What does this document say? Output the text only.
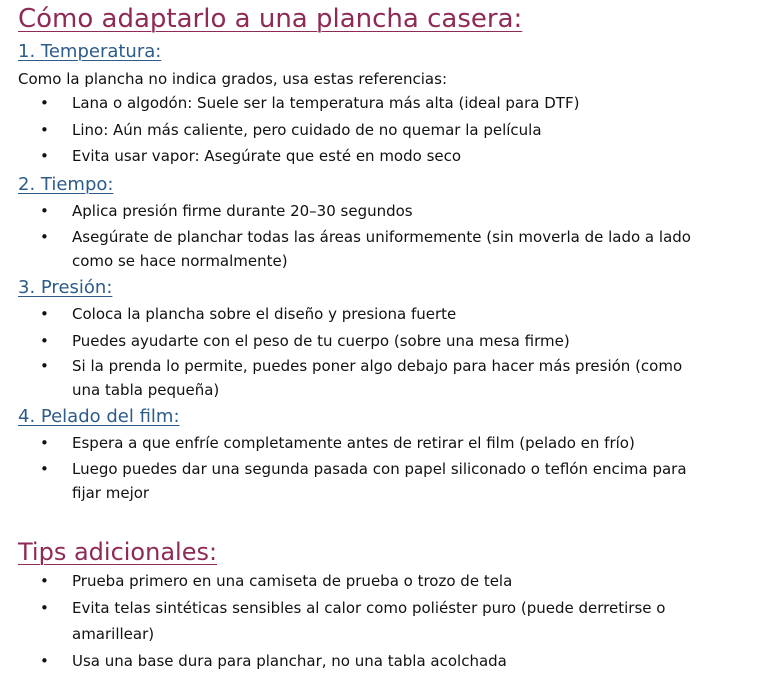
Cómo adaptarlo a una plancha casera:
1. Temperatura:
Como la plancha no indica grados, usa estas referencias:
• Lana o algodón: Suele ser la temperatura más alta (ideal para DTF)
• Lino: Aún más caliente, pero cuidado de no quemar la película
• Evita usar vapor: Asegúrate que esté en modo seco
2. Tiempo:
• Aplica presión firme durante 20–30 segundos
• Asegúrate de planchar todas las áreas uniformemente (sin moverla de lado a lado como se hace normalmente)
3. Presión:
• Coloca la plancha sobre el diseño y presiona fuerte
• Puedes ayudarte con el peso de tu cuerpo (sobre una mesa firme)
• Si la prenda lo permite, puedes poner algo debajo para hacer más presión (como una tabla pequeña)
4. Pelado del film:
• Espera a que enfríe completamente antes de retirar el film (pelado en frío)
• Luego puedes dar una segunda pasada con papel siliconado o teflón encima para fijar mejor
Tips adicionales:
• Prueba primero en una camiseta de prueba o trozo de tela
• Evita telas sintéticas sensibles al calor como poliéster puro (puede derretirse o amarillear)
• Usa una base dura para planchar, no una tabla acolchada
